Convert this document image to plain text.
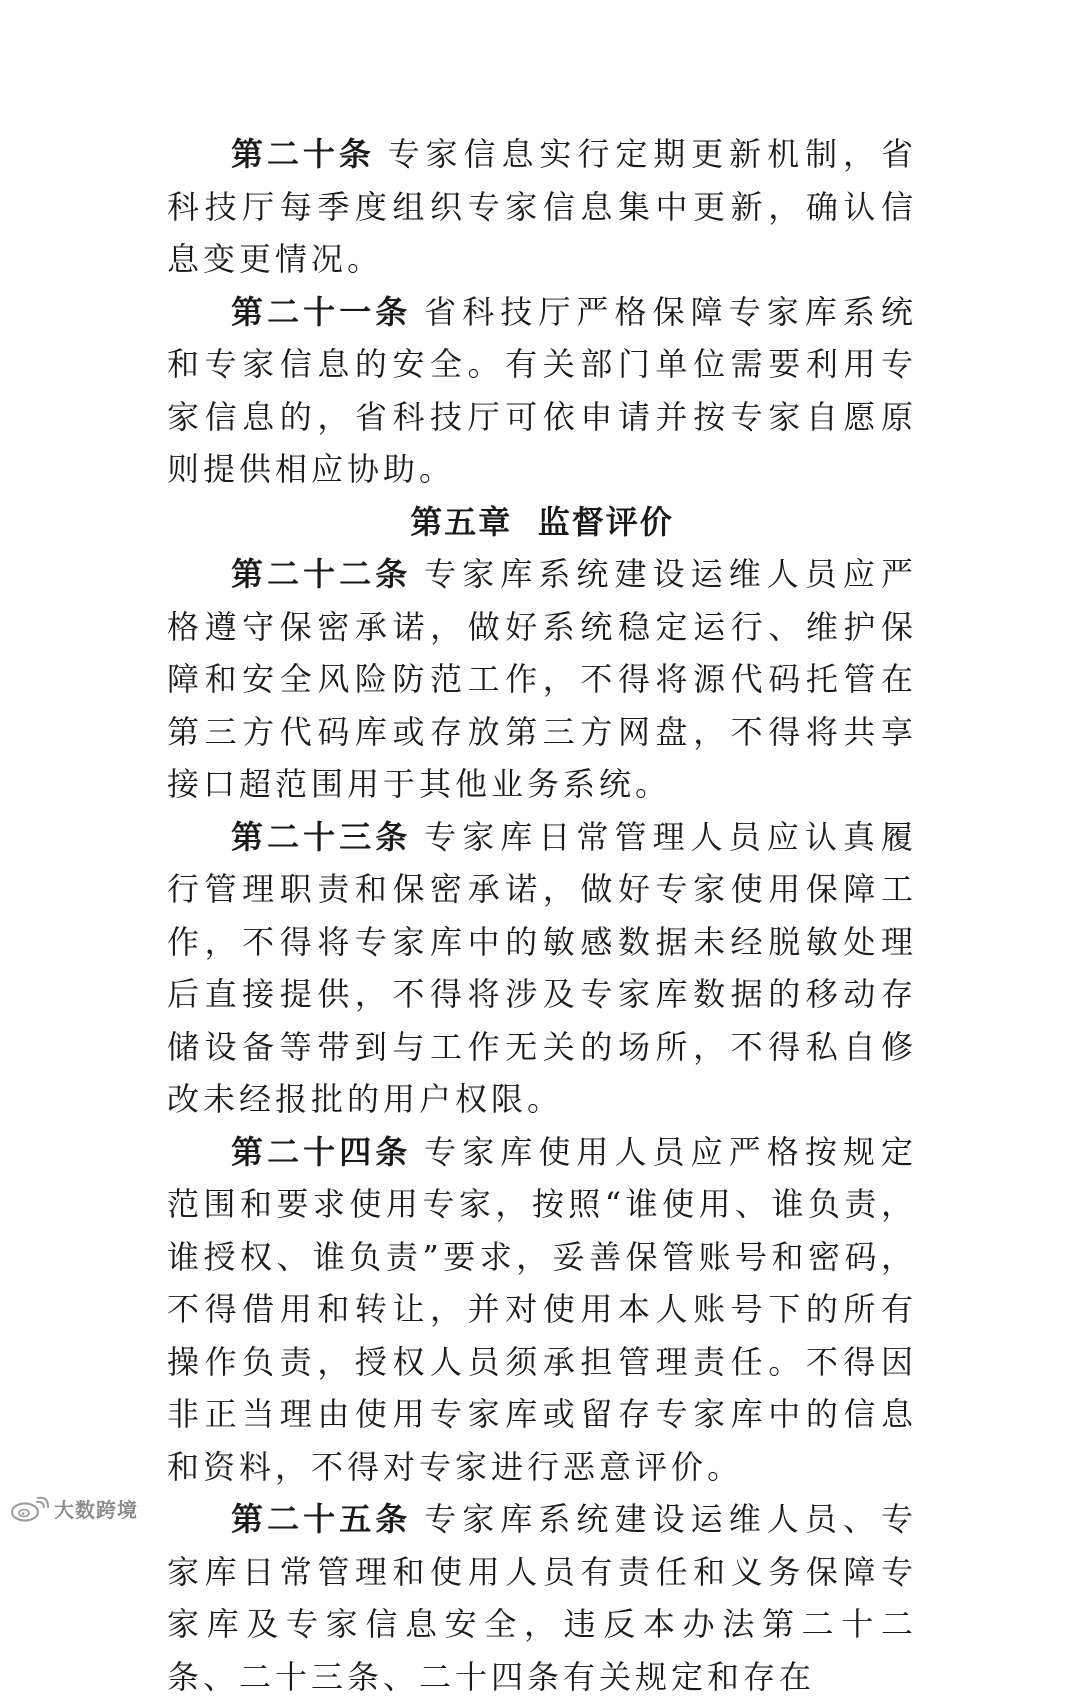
第二十条 专家信息实行定期更新机制，省科技厅每季度组织专家信息集中更新，确认信息变更情况。

第二十一条 省科技厅严格保障专家库系统和专家信息的安全。有关部门单位需要利用专家信息的，省科技厅可依申请并按专家自愿原则提供相应协助。

第五章 监督评价

第二十二条 专家库系统建设运维人员应严格遵守保密承诺，做好系统稳定运行、维护保障和安全风险防范工作，不得将源代码托管在第三方代码库或存放第三方网盘，不得将共享接口超范围用于其他业务系统。

第二十三条 专家库日常管理人员应认真履行管理职责和保密承诺，做好专家使用保障工作，不得将专家库中的敏感数据未经脱敏处理后直接提供，不得将涉及专家库数据的移动存储设备等带到与工作无关的场所，不得私自修改未经报批的用户权限。

第二十四条 专家库使用人员应严格按规定范围和要求使用专家，按照“谁使用、谁负责，谁授权、谁负责”要求，妥善保管账号和密码，不得借用和转让，并对使用本人账号下的所有操作负责，授权人员须承担管理责任。不得因非正当理由使用专家库或留存专家库中的信息和资料，不得对专家进行恶意评价。

第二十五条 专家库系统建设运维人员、专家库日常管理和使用人员有责任和义务保障专家库及专家信息安全，违反本办法第二十二条、二十三条、二十四条有关规定和存在

大数跨境
